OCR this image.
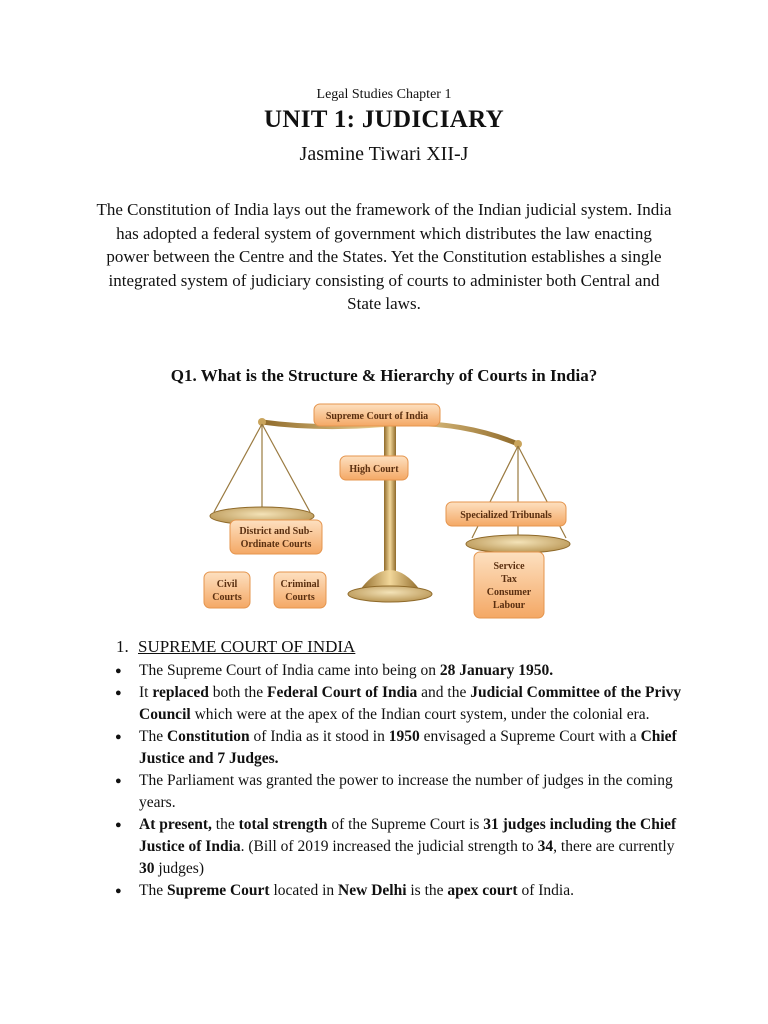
Legal Studies Chapter 1
UNIT 1: JUDICIARY
Jasmine Tiwari XII-J

The Constitution of India lays out the framework of the Indian judicial system. India has adopted a federal system of government which distributes the law enacting power between the Centre and the States. Yet the Constitution establishes a single integrated system of judiciary consisting of courts to administer both Central and State laws.

Q1. What is the Structure & Hierarchy of Courts in India?
Supreme Court of India
High Court
Specialized Tribunals
District and Sub-
Ordinate Courts
Civil
Courts
Criminal
Courts
Service
Tax
Consumer
Labour
1. SUPREME COURT OF INDIA
● The Supreme Court of India came into being on 28 January 1950.
● It replaced both the Federal Court of India and the Judicial Committee of the Privy Council which were at the apex of the Indian court system, under the colonial era.
● The Constitution of India as it stood in 1950 envisaged a Supreme Court with a Chief Justice and 7 Judges.
● The Parliament was granted the power to increase the number of judges in the coming years.
● At present, the total strength of the Supreme Court is 31 judges including the Chief Justice of India. (Bill of 2019 increased the judicial strength to 34, there are currently 30 judges)
● The Supreme Court located in New Delhi is the apex court of India.
